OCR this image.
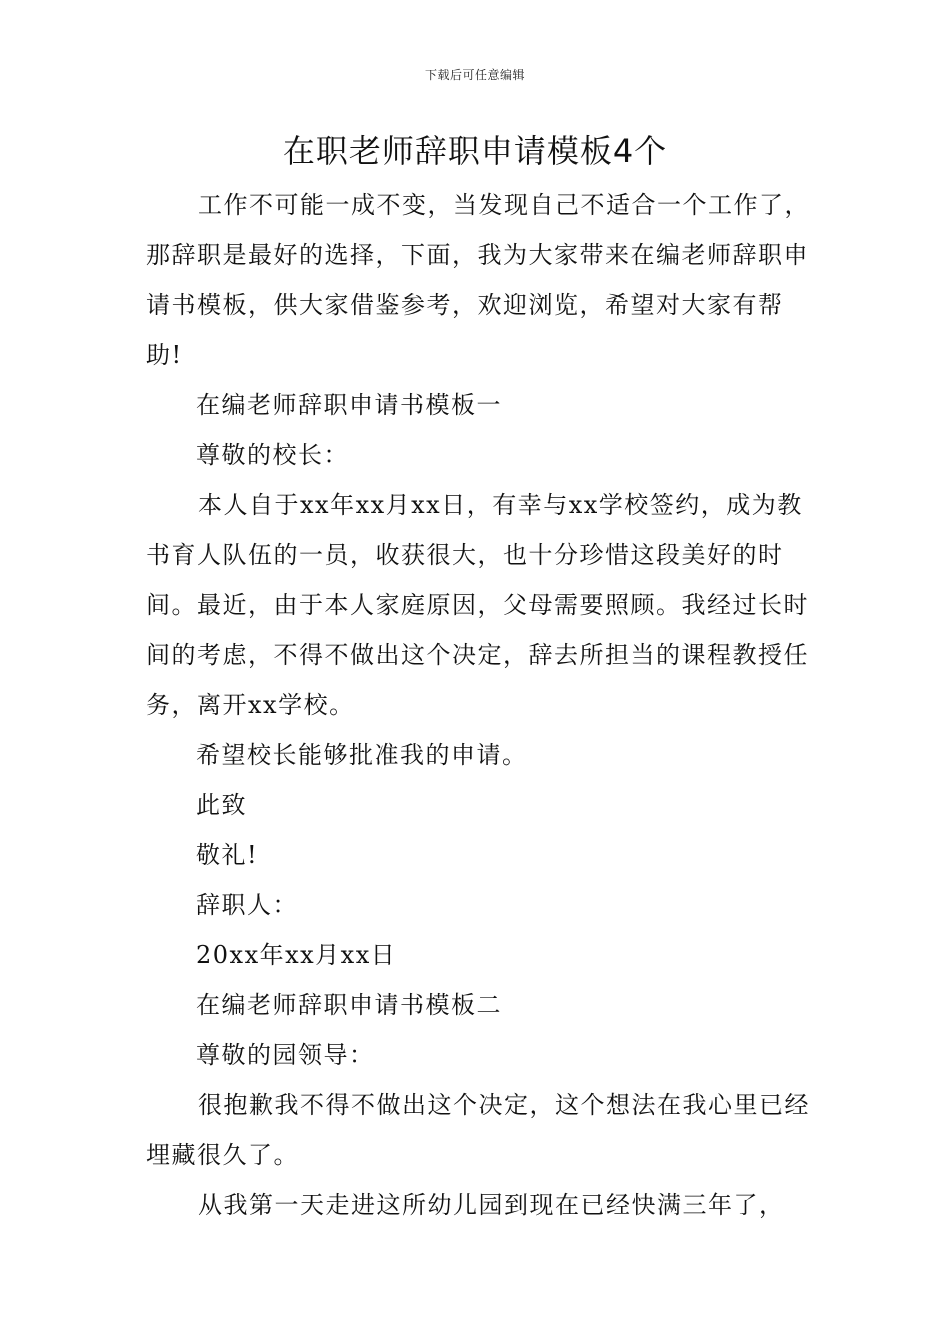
下载后可任意编辑
在职老师辞职申请模板4个

工作不可能一成不变，当发现自己不适合一个工作了，那辞职是最好的选择，下面，我为大家带来在编老师辞职申请书模板，供大家借鉴参考，欢迎浏览，希望对大家有帮助!

在编老师辞职申请书模板一

尊敬的校长：

本人自于xx年xx月xx日，有幸与xx学校签约，成为教书育人队伍的一员，收获很大，也十分珍惜这段美好的时间。最近，由于本人家庭原因，父母需要照顾。我经过长时间的考虑，不得不做出这个决定，辞去所担当的课程教授任务，离开xx学校。

希望校长能够批准我的申请。

此致

敬礼!

辞职人：

20xx年xx月xx日

在编老师辞职申请书模板二

尊敬的园领导：

很抱歉我不得不做出这个决定，这个想法在我心里已经埋藏很久了。

从我第一天走进这所幼儿园到现在已经快满三年了，
